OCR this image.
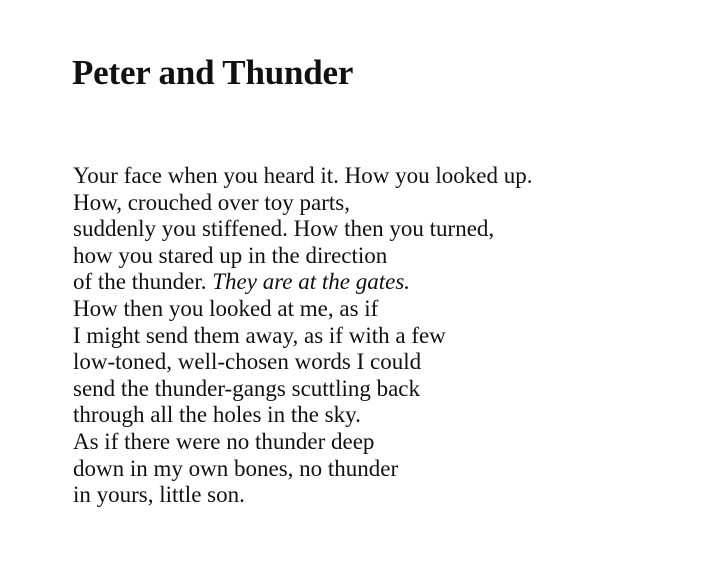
Peter and Thunder
Your face when you heard it. How you looked up.
How, crouched over toy parts,
suddenly you stiffened. How then you turned,
how you stared up in the direction
of the thunder. They are at the gates.
How then you looked at me, as if
I might send them away, as if with a few
low-toned, well-chosen words I could
send the thunder-gangs scuttling back
through all the holes in the sky.
As if there were no thunder deep
down in my own bones, no thunder
in yours, little son.
